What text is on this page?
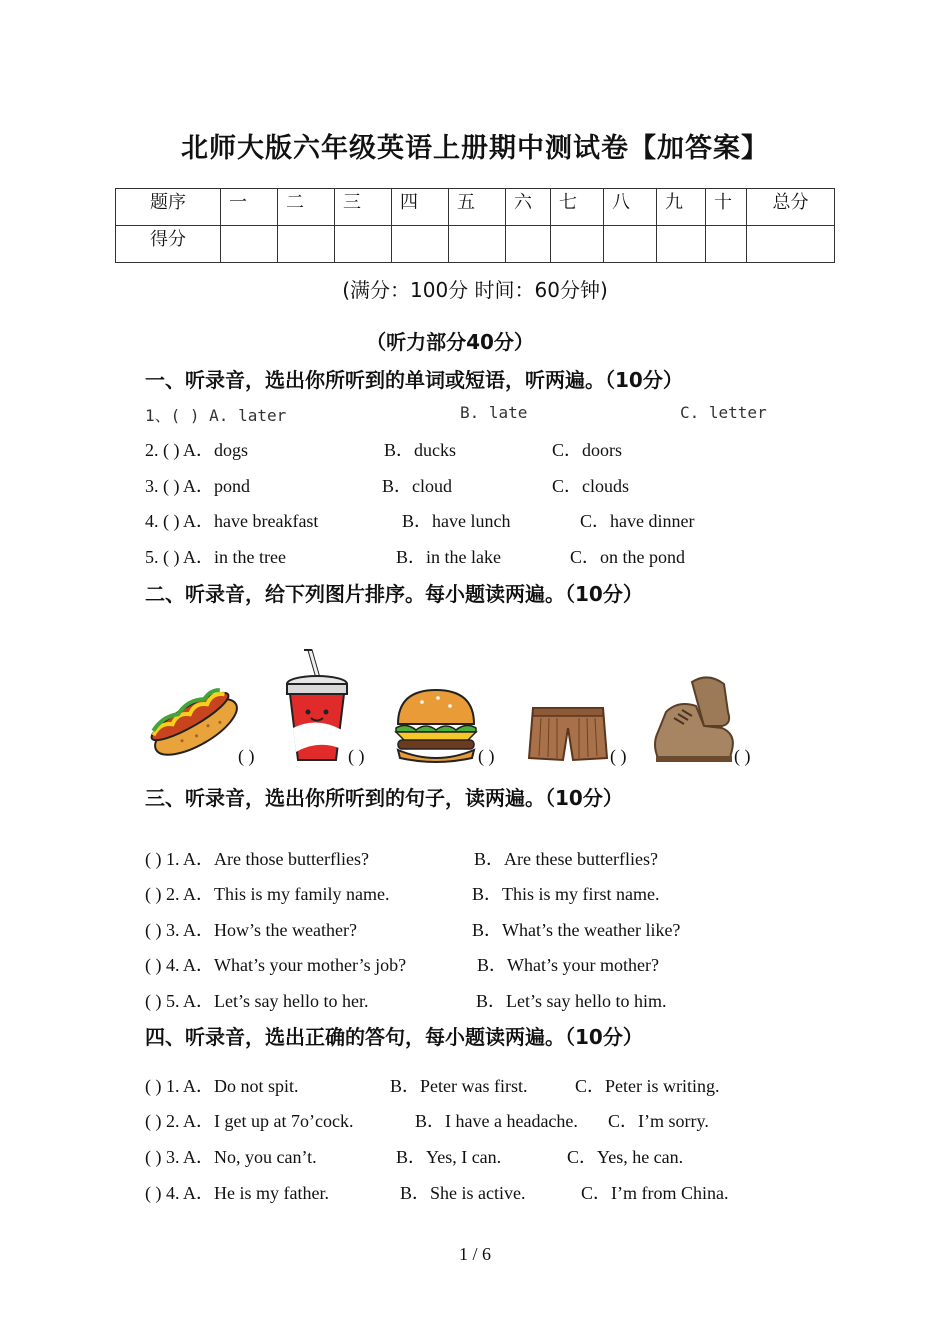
北师大版六年级英语上册期中测试卷【加答案】
题序	一	二	三	四	五	六	七	八	九	十	总分
得分											
(满分：100分 时间：60分钟)
（听力部分40分）
一、听录音，选出你所听到的单词或短语，听两遍。（10分）
1、( ) A. later	B. late	C. letter
2. ( ) A．dogs	B．ducks	C．doors
3. ( ) A．pond	B．cloud	C．clouds
4. ( ) A．have breakfast	B．have lunch	C．have dinner
5. ( ) A．in the tree	B．in the lake	C．on the pond
二、听录音，给下列图片排序。每小题读两遍。（10分）
( )	( )	( )	( )	( )
三、听录音，选出你所听到的句子，读两遍。（10分）
( ) 1. A．Are those butterflies?	B．Are these butterflies?
( ) 2. A．This is my family name.	B．This is my first name.
( ) 3. A．How’s the weather?	B．What’s the weather like?
( ) 4. A．What’s your mother’s job?	B．What’s your mother?
( ) 5. A．Let’s say hello to her.	B．Let’s say hello to him.
四、听录音，选出正确的答句，每小题读两遍。（10分）
( ) 1. A．Do not spit.	B．Peter was first.	C．Peter is writing.
( ) 2. A．I get up at 7o’cock.	B．I have a headache. C．I’m sorry.
( ) 3. A．No, you can’t.	B．Yes, I can.	C．Yes, he can.
( ) 4. A．He is my father.	B．She is active.	C．I’m from China.
1 / 6
